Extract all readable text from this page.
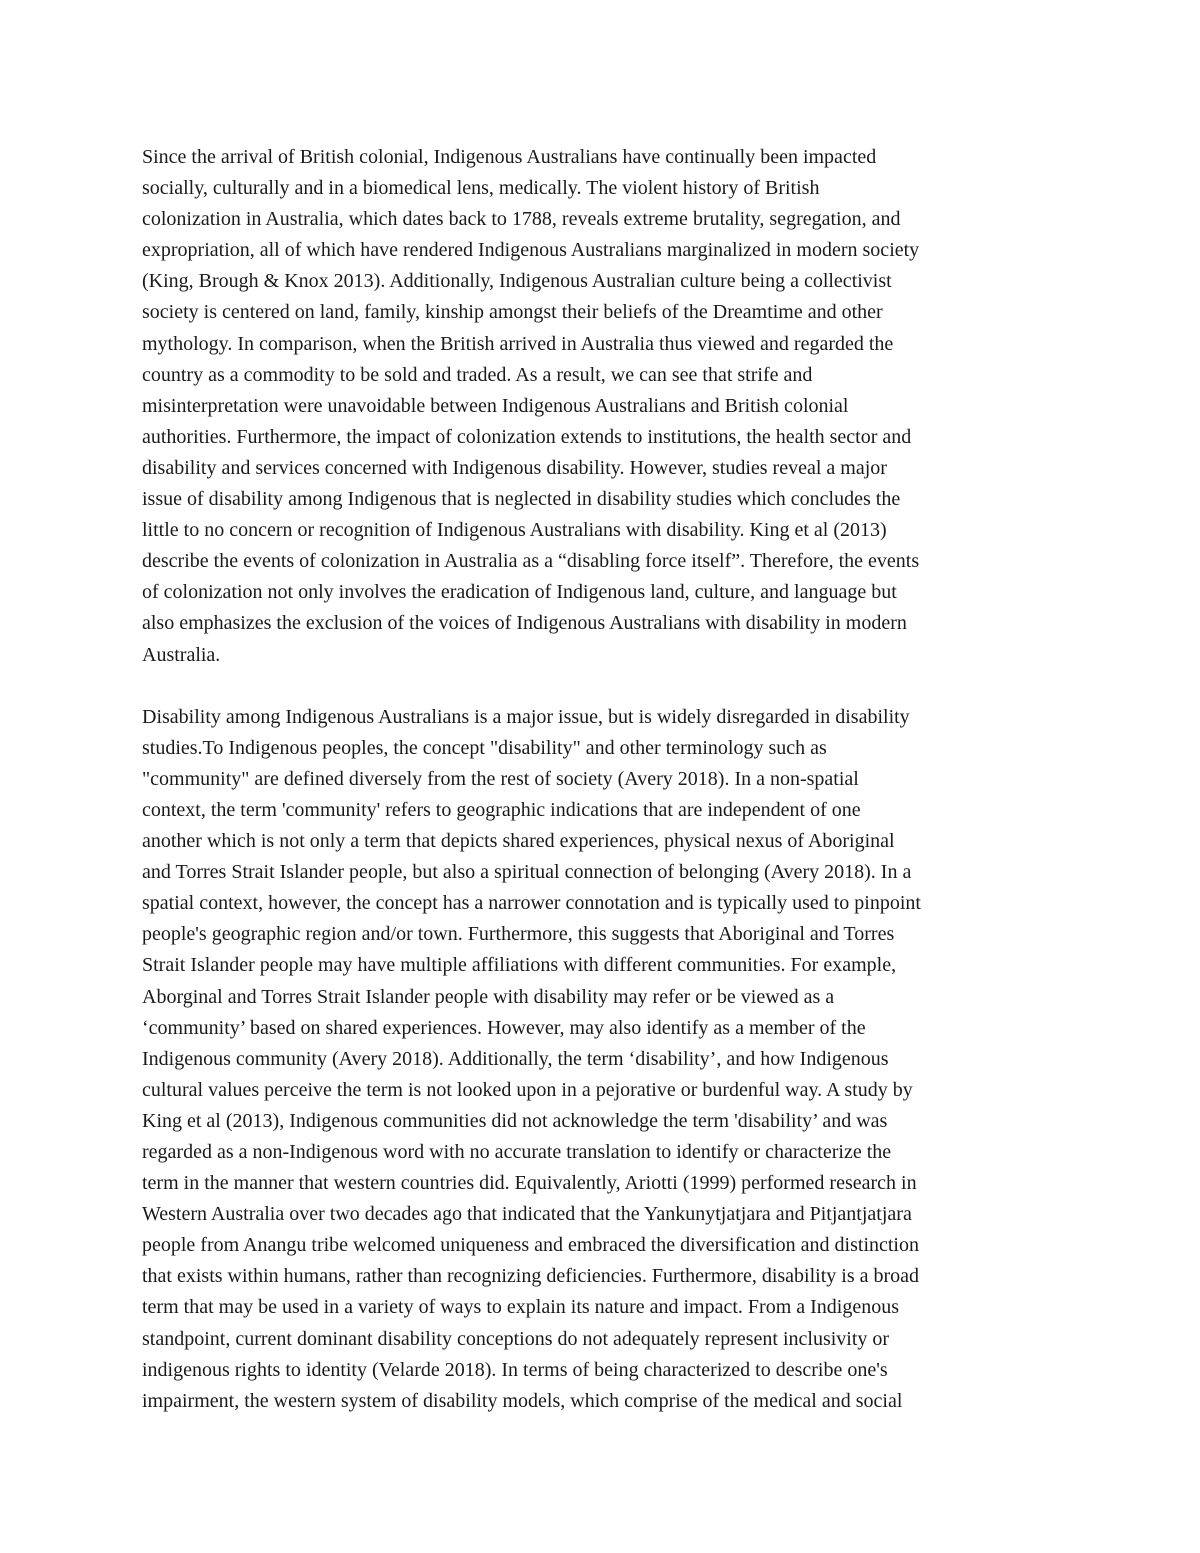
Since the arrival of British colonial, Indigenous Australians have continually been impacted
socially, culturally and in a biomedical lens, medically. The violent history of British
colonization in Australia, which dates back to 1788, reveals extreme brutality, segregation, and
expropriation, all of which have rendered Indigenous Australians marginalized in modern society
(King, Brough & Knox 2013). Additionally, Indigenous Australian culture being a collectivist
society is centered on land, family, kinship amongst their beliefs of the Dreamtime and other
mythology. In comparison, when the British arrived in Australia thus viewed and regarded the
country as a commodity to be sold and traded. As a result, we can see that strife and
misinterpretation were unavoidable between Indigenous Australians and British colonial
authorities. Furthermore, the impact of colonization extends to institutions, the health sector and
disability and services concerned with Indigenous disability. However, studies reveal a major
issue of disability among Indigenous that is neglected in disability studies which concludes the
little to no concern or recognition of Indigenous Australians with disability. King et al (2013)
describe the events of colonization in Australia as a “disabling force itself”. Therefore, the events
of colonization not only involves the eradication of Indigenous land, culture, and language but
also emphasizes the exclusion of the voices of Indigenous Australians with disability in modern
Australia.

Disability among Indigenous Australians is a major issue, but is widely disregarded in disability
studies.To Indigenous peoples, the concept "disability" and other terminology such as
"community" are defined diversely from the rest of society (Avery 2018). In a non-spatial
context, the term 'community' refers to geographic indications that are independent of one
another which is not only a term that depicts shared experiences, physical nexus of Aboriginal
and Torres Strait Islander people, but also a spiritual connection of belonging (Avery 2018). In a
spatial context, however, the concept has a narrower connotation and is typically used to pinpoint
people's geographic region and/or town. Furthermore, this suggests that Aboriginal and Torres
Strait Islander people may have multiple affiliations with different communities. For example,
Aborginal and Torres Strait Islander people with disability may refer or be viewed as a
‘community’ based on shared experiences. However, may also identify as a member of the
Indigenous community (Avery 2018). Additionally, the term ‘disability’, and how Indigenous
cultural values perceive the term is not looked upon in a pejorative or burdenful way. A study by
King et al (2013), Indigenous communities did not acknowledge the term 'disability’ and was
regarded as a non-Indigenous word with no accurate translation to identify or characterize the
term in the manner that western countries did. Equivalently, Ariotti (1999) performed research in
Western Australia over two decades ago that indicated that the Yankunytjatjara and Pitjantjatjara
people from Anangu tribe welcomed uniqueness and embraced the diversification and distinction
that exists within humans, rather than recognizing deficiencies. Furthermore, disability is a broad
term that may be used in a variety of ways to explain its nature and impact. From a Indigenous
standpoint, current dominant disability conceptions do not adequately represent inclusivity or
indigenous rights to identity (Velarde 2018). In terms of being characterized to describe one's
impairment, the western system of disability models, which comprise of the medical and social
